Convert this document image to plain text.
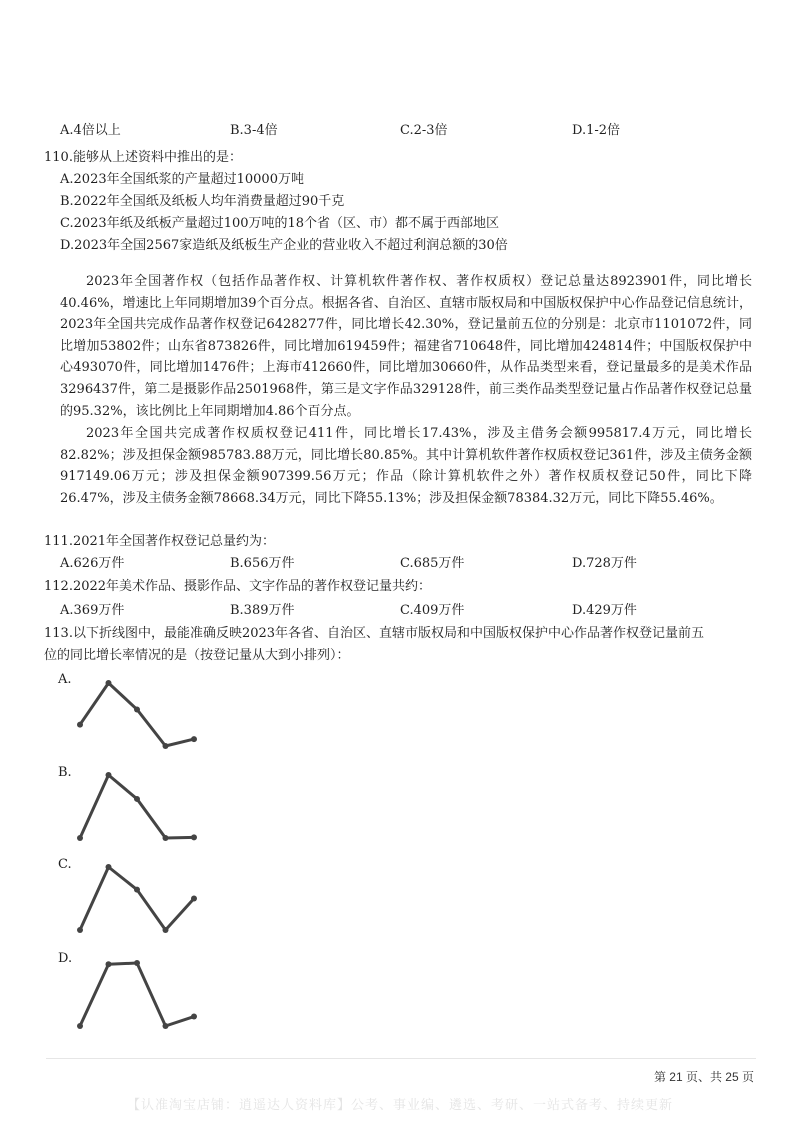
A.4倍以上	B.3-4倍	C.2-3倍	D.1-2倍
110.能够从上述资料中推出的是：
A.2023年全国纸浆的产量超过10000万吨
B.2022年全国纸及纸板人均年消费量超过90千克
C.2023年纸及纸板产量超过100万吨的18个省（区、市）都不属于西部地区
D.2023年全国2567家造纸及纸板生产企业的营业收入不超过利润总额的30倍
2023年全国著作权（包括作品著作权、计算机软件著作权、著作权质权）登记总量达8923901件，同比增长40.46%，增速比上年同期增加39个百分点。根据各省、自治区、直辖市版权局和中国版权保护中心作品登记信息统计，2023年全国共完成作品著作权登记6428277件，同比增长42.30%，登记量前五位的分别是：北京市1101072件，同比增加53802件；山东省873826件，同比增加619459件；福建省710648件，同比增加424814件；中国版权保护中心493070件，同比增加1476件；上海市412660件，同比增加30660件，从作品类型来看，登记量最多的是美术作品3296437件，第二是摄影作品2501968件，第三是文字作品329128件，前三类作品类型登记量占作品著作权登记总量的95.32%，该比例比上年同期增加4.86个百分点。
2023年全国共完成著作权质权登记411件，同比增长17.43%，涉及主借务会额995817.4万元，同比增长82.82%；涉及担保金额985783.88万元，同比增长80.85%。其中计算机软件著作权质权登记361件，涉及主债务金额917149.06万元；涉及担保金额907399.56万元；作品（除计算机软件之外）著作权质权登记50件，同比下降26.47%，涉及主债务金额78668.34万元，同比下降55.13%；涉及担保金额78384.32万元，同比下降55.46%。
111.2021年全国著作权登记总量约为：
A.626万件	B.656万件	C.685万件	D.728万件
112.2022年美术作品、摄影作品、文字作品的著作权登记量共约：
A.369万件	B.389万件	C.409万件	D.429万件
113.以下折线图中，最能准确反映2023年各省、自治区、直辖市版权局和中国版权保护中心作品著作权登记量前五
位的同比增长率情况的是（按登记量从大到小排列）：
A.
B.
C.
D.
第 21 页、共 25 页
【认准淘宝店铺：逍遥达人资料库】公考、事业编、遴选、考研、一站式备考、持续更新
